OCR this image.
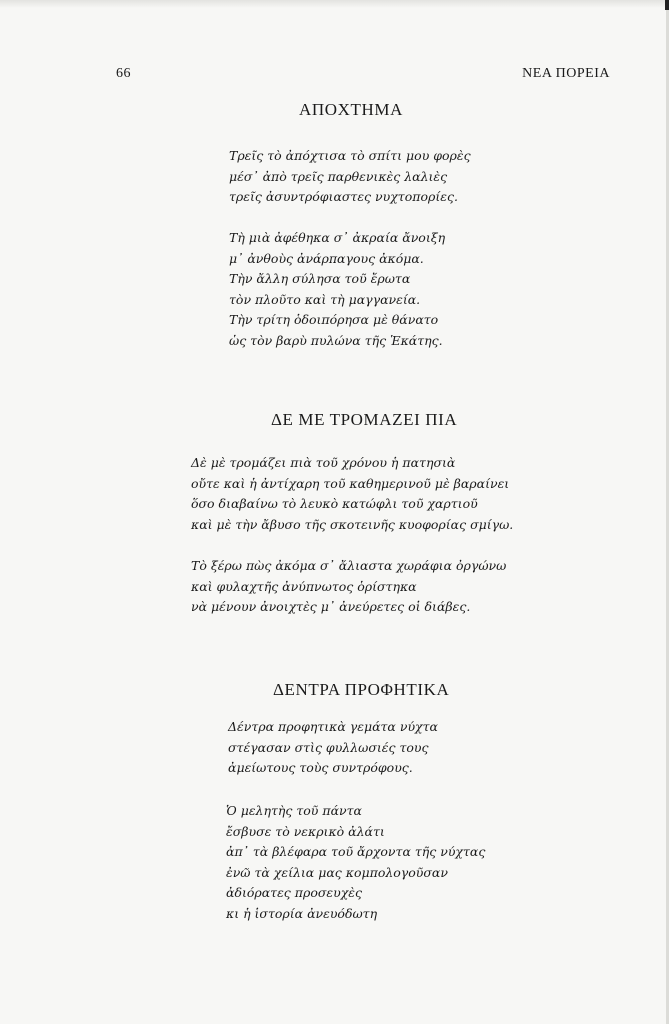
66	ΝΕΑ ΠΟΡΕΙΑ
ΑΠΟΧΤΗΜΑ
Τρεῖς τὸ ἀπόχτισα τὸ σπίτι μου φορὲς
μέσ᾿ ἀπὸ τρεῖς παρθενικὲς λαλιὲς
τρεῖς ἀσυντρόφιαστες νυχτοπορίες.
Τὴ μιὰ ἀφέθηκα σ᾿ ἀκραία ἄνοιξη
μ᾿ ἀνθοὺς ἀνάρπαγους ἀκόμα.
Τὴν ἄλλη σύλησα τοῦ ἔρωτα
τὸν πλοῦτο καὶ τὴ μαγγανεία.
Τὴν τρίτη ὁδοιπόρησα μὲ θάνατο
ὡς τὸν βαρὺ πυλώνα τῆς Ἑκάτης.
ΔΕ ΜΕ ΤΡΟΜΑΖΕΙ ΠΙΑ
Δὲ μὲ τρομάζει πιὰ τοῦ χρόνου ἡ πατησιὰ
οὔτε καὶ ἡ ἀντίχαρη τοῦ καθημερινοῦ μὲ βαραίνει
ὅσο διαβαίνω τὸ λευκὸ κατώφλι τοῦ χαρτιοῦ
καὶ μὲ τὴν ἄβυσο τῆς σκοτεινῆς κυοφορίας σμίγω.
Τὸ ξέρω πὼς ἀκόμα σ᾿ ἄλιαστα χωράφια ὀργώνω
καὶ φυλαχτῆς ἀνύπνωτος ὁρίστηκα
νὰ μένουν ἀνοιχτὲς μ᾿ ἀνεύρετες οἱ διάβες.
ΔΕΝΤΡΑ ΠΡΟΦΗΤΙΚΑ
Δέντρα προφητικὰ γεμάτα νύχτα
στέγασαν στὶς φυλλωσιές τους
ἀμείωτους τοὺς συντρόφους.
Ὁ μελητὴς τοῦ πάντα
ἔσβυσε τὸ νεκρικὸ ἀλάτι
ἀπ᾿ τὰ βλέφαρα τοῦ ἄρχοντα τῆς νύχτας
ἐνῶ τὰ χείλια μας κομπολογοῦσαν
ἀδιόρατες προσευχὲς
κι ἡ ἱστορία ἀνευόδωτη
